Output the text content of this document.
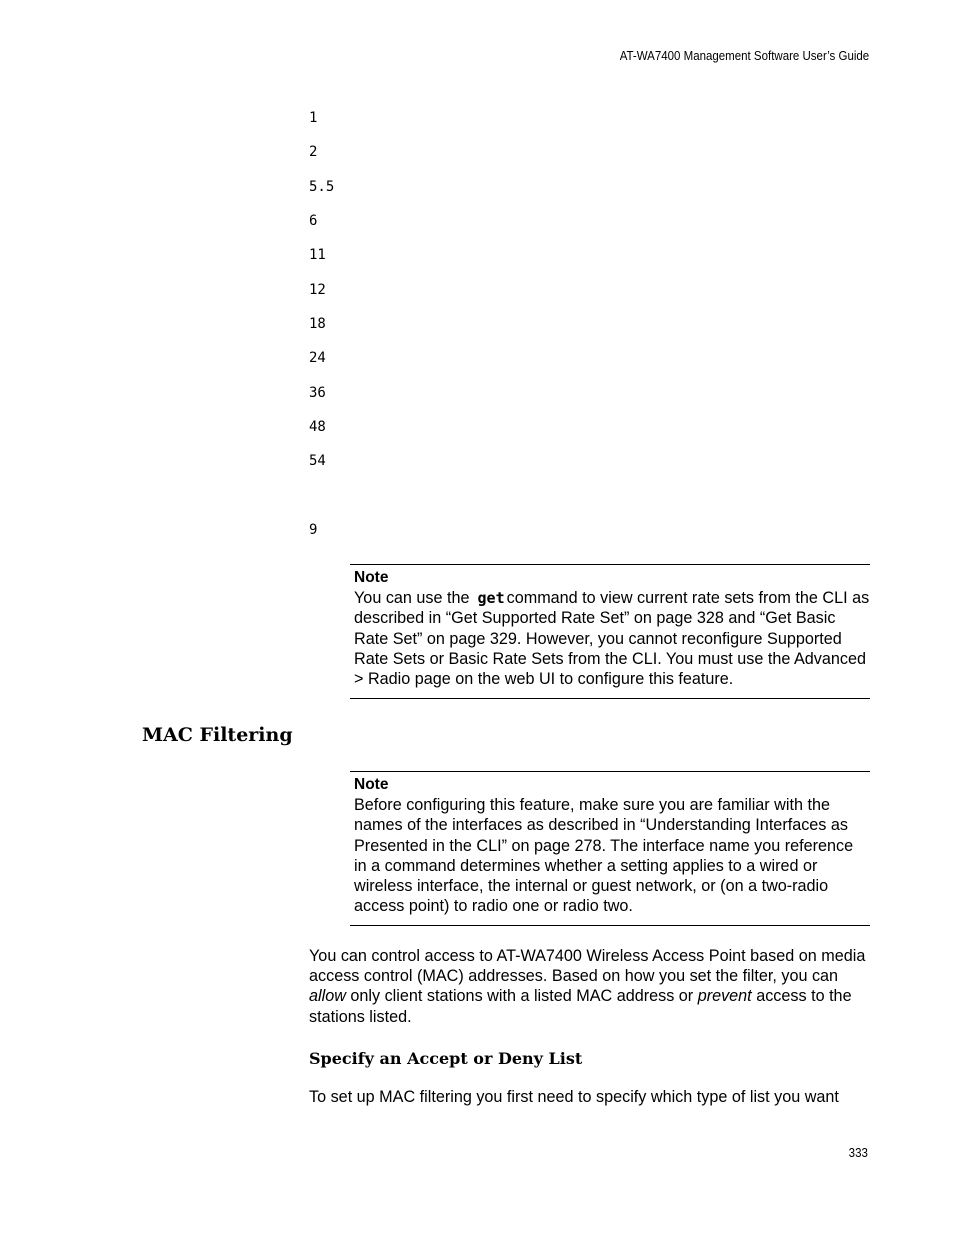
AT-WA7400 Management Software User’s Guide
1
2
5.5
6
11
12
18
24
36
48
54
9
Note
You can use the get command to view current rate sets from the CLI as described in “Get Supported Rate Set” on page 328 and “Get Basic Rate Set” on page 329. However, you cannot reconfigure Supported Rate Sets or Basic Rate Sets from the CLI. You must use the Advanced > Radio page on the web UI to configure this feature.
MAC Filtering
Note
Before configuring this feature, make sure you are familiar with the names of the interfaces as described in “Understanding Interfaces as Presented in the CLI” on page 278. The interface name you reference in a command determines whether a setting applies to a wired or wireless interface, the internal or guest network, or (on a two-radio access point) to radio one or radio two.
You can control access to AT-WA7400 Wireless Access Point based on media access control (MAC) addresses. Based on how you set the filter, you can allow only client stations with a listed MAC address or prevent access to the stations listed.
Specify an Accept or Deny List
To set up MAC filtering you first need to specify which type of list you want
333
